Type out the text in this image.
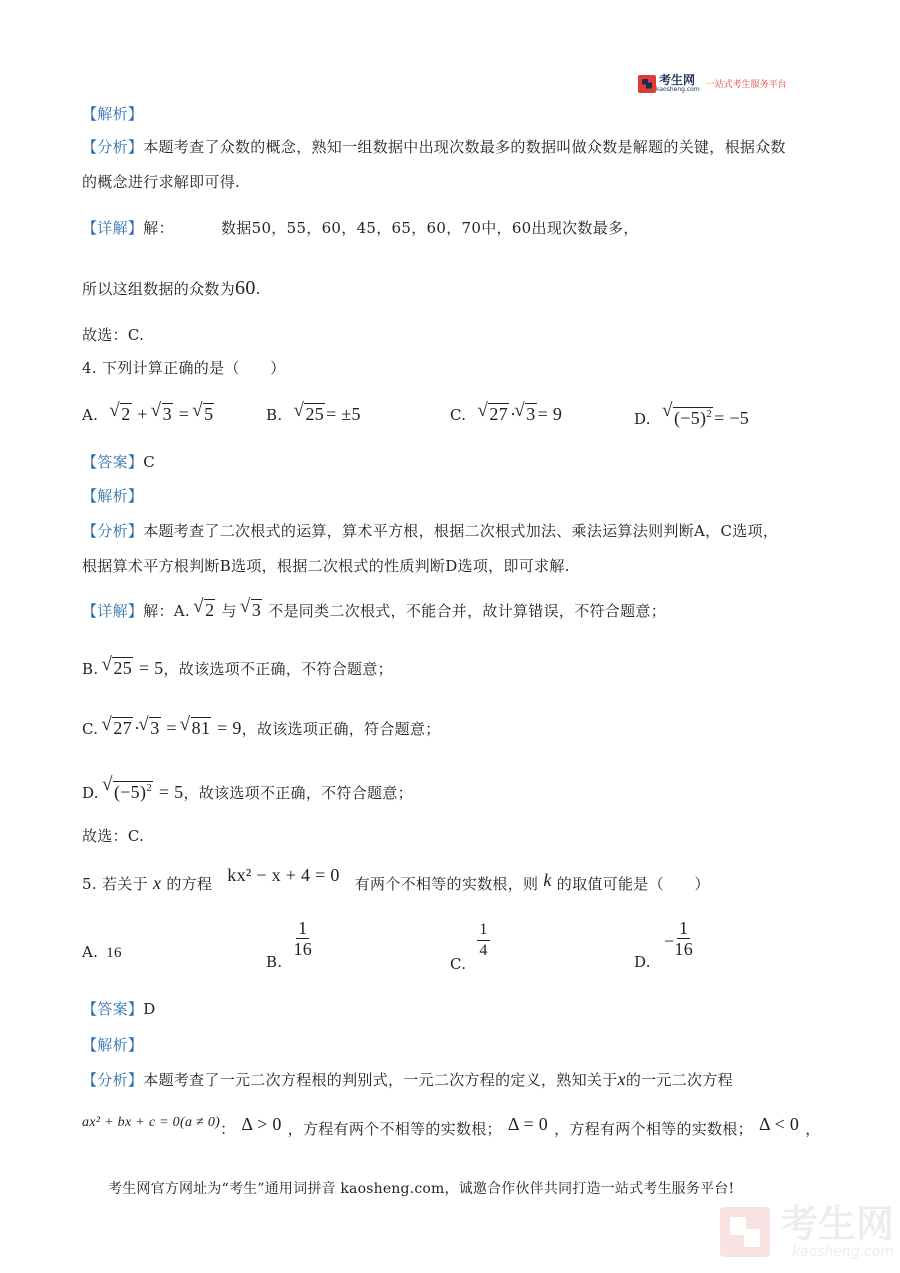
考生网
kaosheng.com 一站式考生服务平台
【解析】
【分析】本题考查了众数的概念，熟知一组数据中出现次数最多的数据叫做众数是解题的关键，根据众数
的概念进行求解即可得.
【详解】解：	数据50，55，60，45，65，60，70中，60出现次数最多，
所以这组数据的众数为60.
故选：C.
4. 下列计算正确的是（　　）
A. √ 2 + √ 3 = √ 5	B. √ 25 = ±5	C. √ 27 · √ 3 = 9	D. √ $(-5)^2 = -5$
【答案】C
【解析】
【分析】本题考查了二次根式的运算，算术平方根，根据二次根式加法、乘法运算法则判断A，C选项，
根据算术平方根判断B选项，根据二次根式的性质判断D选项，即可求解.
【详解】解：A. √ 2 与 √ 3 不是同类二次根式，不能合并，故计算错误，不符合题意；
B. √ 25 = 5，故该选项不正确，不符合题意；
C. √ 27 · √ 3 = √ 81 = 9，故该选项正确，符合题意；
D. √ $(-5)^2 = 5$，故该选项不正确，不符合题意；
故选：C.
5. 若关于 x 的方程 kx² − x + 4 = 0 有两个不相等的实数根，则 k 的取值可能是（　　）
A. 16	B.
$\frac{1}{16}$
C.
$\frac{1}{4}$
D. − $\frac{1}{16}$
【答案】D
【解析】
【分析】本题考查了一元二次方程根的判别式，一元二次方程的定义，熟知关于x的一元二次方程
ax² + bx + c = 0(a ≠ 0)： Δ > 0 ，方程有两个不相等的实数根； Δ = 0 ，方程有两个相等的实数根； Δ < 0 ，
考生网官方网址为“考生”通用词拼音 kaosheng.com，诚邀合作伙伴共同打造一站式考生服务平台!
考生网
kaosheng.com
